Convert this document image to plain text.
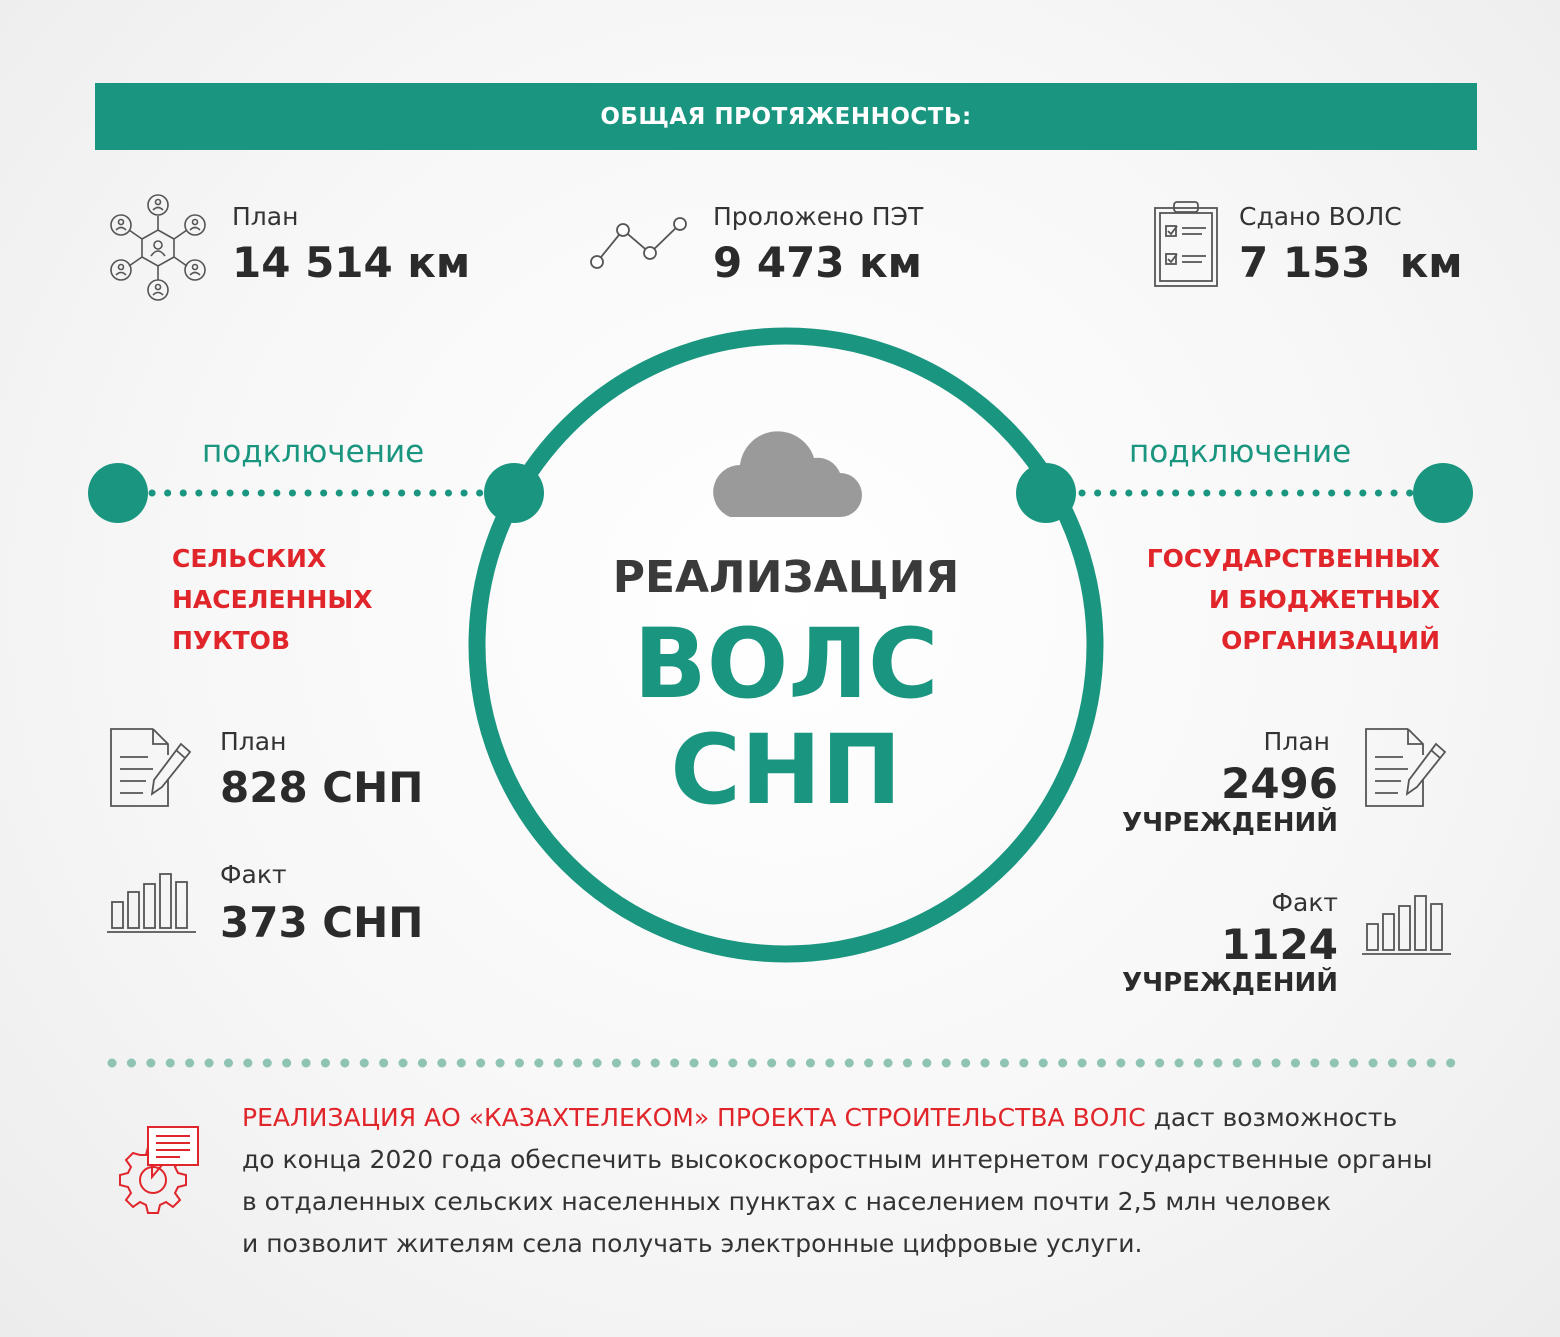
ОБЩАЯ ПРОТЯЖЕННОСТЬ:
План
14 514 км
Проложено ПЭТ
9 473 км
Сдано ВОЛС
7 153  км
подключение	подключение
РЕАЛИЗАЦИЯ
ВОЛС
СНП
СЕЛЬСКИХ
НАСЕЛЕННЫХ
ПУКТОВ
ГОСУДАРСТВЕННЫХ
И БЮДЖЕТНЫХ
ОРГАНИЗАЦИЙ
План
828 СНП
Факт
373 СНП
План
2496
УЧРЕЖДЕНИЙ
Факт
1124
УЧРЕЖДЕНИЙ
РЕАЛИЗАЦИЯ АО «КАЗАХТЕЛЕКОМ» ПРОЕКТА СТРОИТЕЛЬСТВА ВОЛС даст возможность
до конца 2020 года обеспечить высокоскоростным интернетом государственные органы
в отдаленных сельских населенных пунктах с населением почти 2,5 млн человек
и позволит жителям села получать электронные цифровые услуги.
